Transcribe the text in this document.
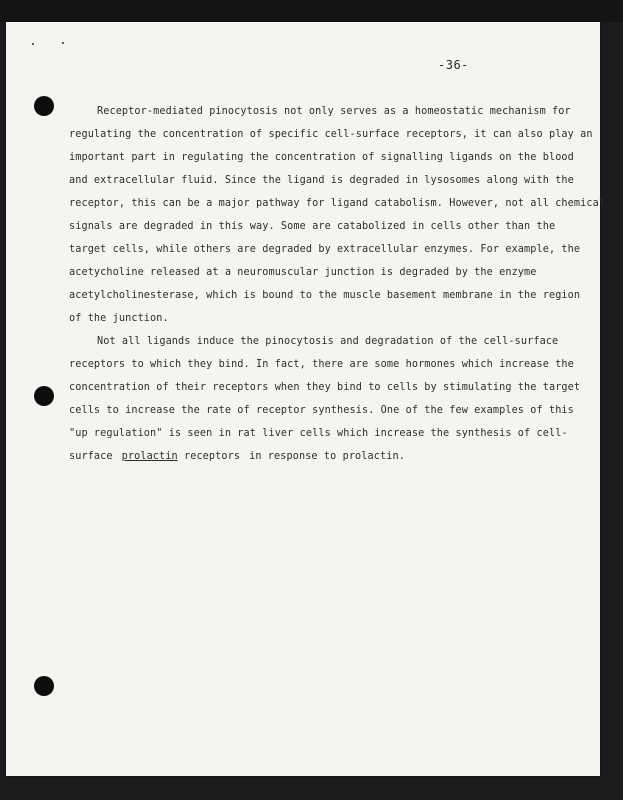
-36-
Receptor-mediated pinocytosis not only serves as a homeostatic mechanism for
regulating the concentration of specific cell-surface receptors, it can also play an
important part in regulating the concentration of signalling ligands on the blood
and extracellular fluid. Since the ligand is degraded in lysosomes along with the
receptor, this can be a major pathway for ligand catabolism. However, not all chemical
signals are degraded in this way. Some are catabolized in cells other than the
target cells, while others are degraded by extracellular enzymes. For example, the
acetycholine released at a neuromuscular junction is degraded by the enzyme
acetylcholinesterase, which is bound to the muscle basement membrane in the region
of the junction.
Not all ligands induce the pinocytosis and degradation of the cell-surface
receptors to which they bind. In fact, there are some hormones which increase the
concentration of their receptors when they bind to cells by stimulating the target
cells to increase the rate of receptor synthesis. One of the few examples of this
"up regulation" is seen in rat liver cells which increase the synthesis of cell-
surface prolactin receptors in response to prolactin.
